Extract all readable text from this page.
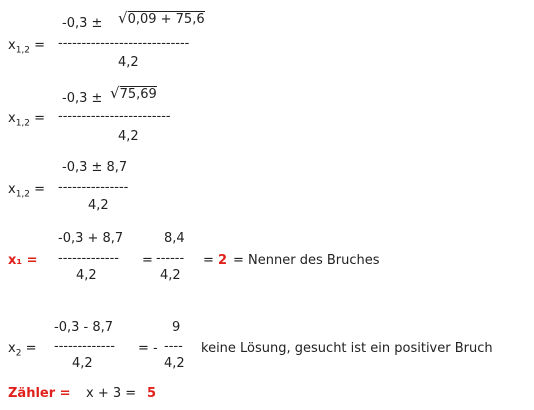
-0,3 ± √0,09 + 75,6
$x_{1,2}$ = ----------------------------
4,2
-0,3 ± √75,69
$x_{1,2}$ = ------------------------
4,2
-0,3 ± 8,7
$x_{1,2}$ = ---------------
4,2
-0,3 + 8,7	8,4
x₁ = ------------- = ------ = 2 = Nenner des Bruches
4,2	4,2
-0,3 - 8,7	9
$x_2$ = ------------- = - ---- keine Lösung, gesucht ist ein positiver Bruch
4,2	4,2
Zähler = x + 3 = 5
